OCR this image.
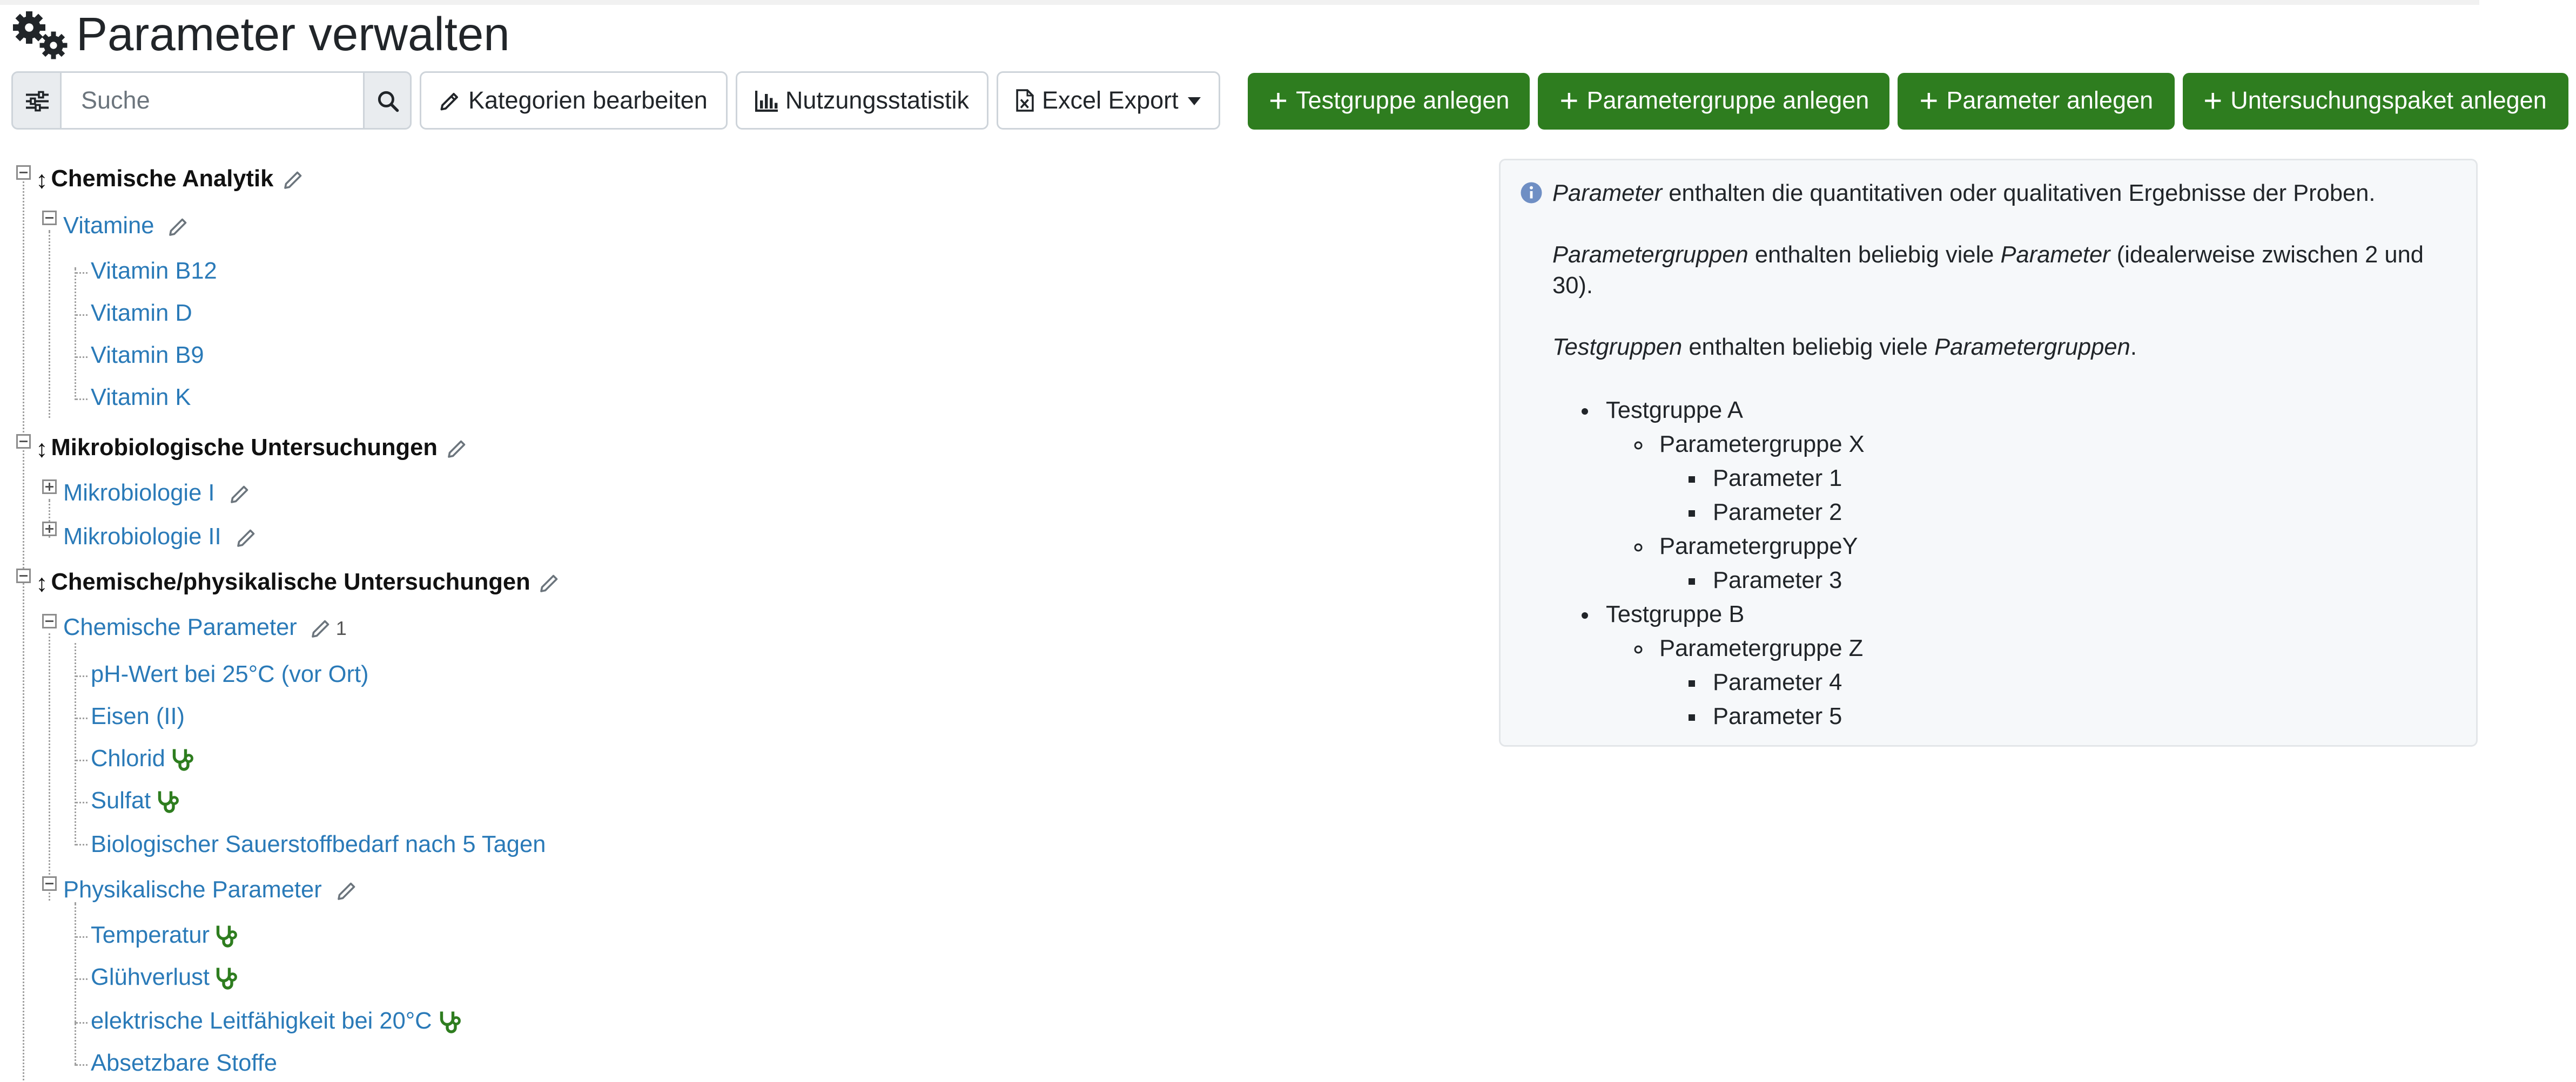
Parameter verwalten
Suche
Kategorien bearbeiten	Nutzungsstatistik	Excel Export	+ Testgruppe anlegen	+ Parametergruppe anlegen	+ Parameter anlegen	+ Untersuchungspaket anlegen
↕ Chemische Analytik
Vitamine
Vitamin B12
Vitamin D
Vitamin B9
Vitamin K
↕ Mikrobiologische Untersuchungen
Mikrobiologie I
Mikrobiologie II
↕ Chemische/physikalische Untersuchungen
Chemische Parameter	1
pH-Wert bei 25°C (vor Ort)
Eisen (II)
Chlorid
Sulfat
Biologischer Sauerstoffbedarf nach 5 Tagen
Physikalische Parameter
Temperatur
Glühverlust
elektrische Leitfähigkeit bei 20°C
Absetzbare Stoffe

Parameter enthalten die quantitativen oder qualitativen Ergebnisse der Proben.

Parametergruppen enthalten beliebig viele Parameter (idealerweise zwischen 2 und 30).

Testgruppen enthalten beliebig viele Parametergruppen.

• Testgruppe A
◦ Parametergruppe X
▪ Parameter 1
▪ Parameter 2
◦ ParametergruppeY
▪ Parameter 3
• Testgruppe B
◦ Parametergruppe Z
▪ Parameter 4
▪ Parameter 5
